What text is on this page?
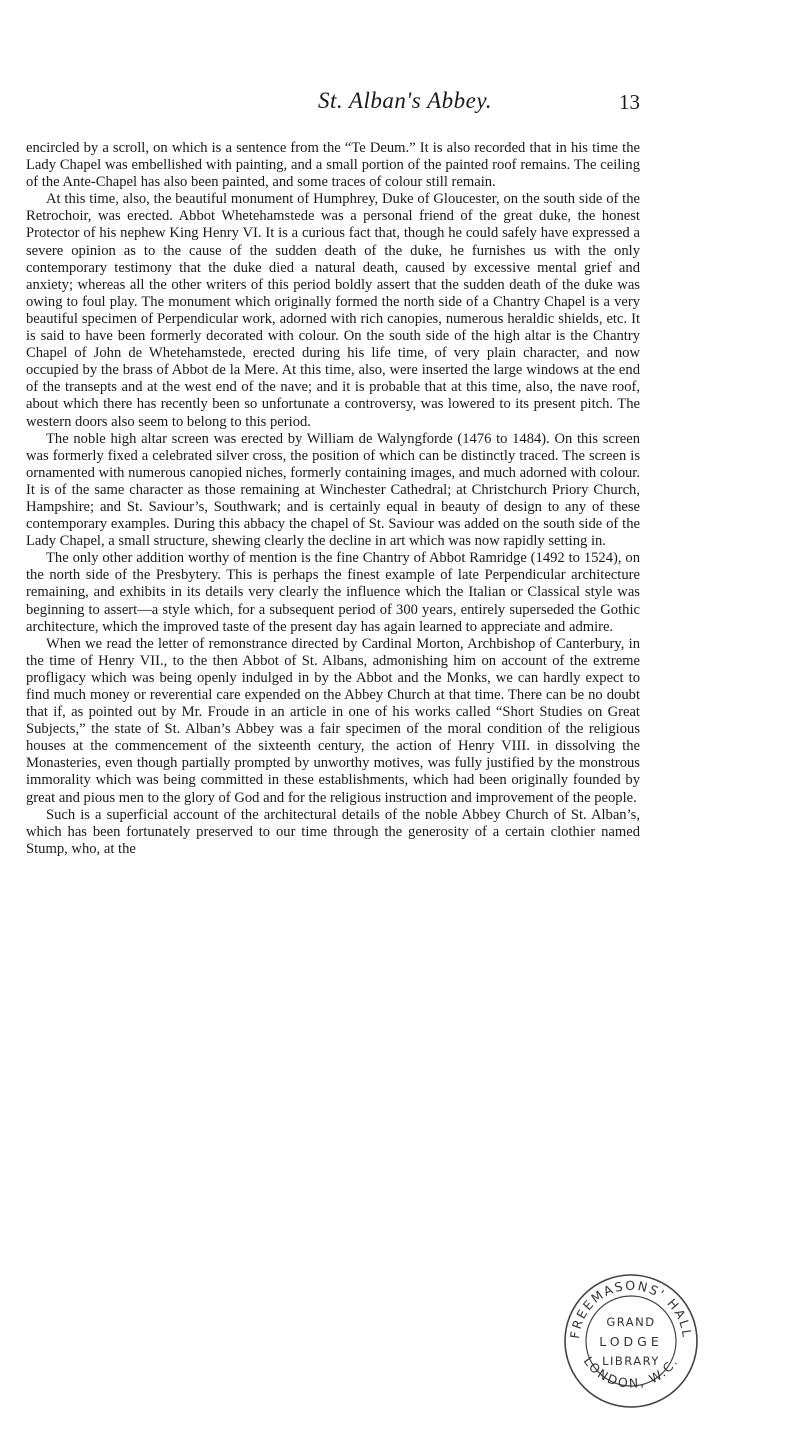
St. Alban's Abbey.	13

encircled by a scroll, on which is a sentence from the “Te Deum.” It is also recorded that in his time the Lady Chapel was embellished with painting, and a small portion of the painted roof remains. The ceiling of the Ante-Chapel has also been painted, and some traces of colour still remain.

At this time, also, the beautiful monument of Humphrey, Duke of Gloucester, on the south side of the Retrochoir, was erected. Abbot Whetehamstede was a personal friend of the great duke, the honest Protector of his nephew King Henry VI. It is a curious fact that, though he could safely have expressed a severe opinion as to the cause of the sudden death of the duke, he furnishes us with the only contemporary testimony that the duke died a natural death, caused by excessive mental grief and anxiety; whereas all the other writers of this period boldly assert that the sudden death of the duke was owing to foul play. The monument which originally formed the north side of a Chantry Chapel is a very beautiful specimen of Perpendicular work, adorned with rich canopies, numerous heraldic shields, etc. It is said to have been formerly decorated with colour. On the south side of the high altar is the Chantry Chapel of John de Whetehamstede, erected during his life time, of very plain character, and now occupied by the brass of Abbot de la Mere. At this time, also, were inserted the large windows at the end of the transepts and at the west end of the nave; and it is probable that at this time, also, the nave roof, about which there has recently been so unfortunate a controversy, was lowered to its present pitch. The western doors also seem to belong to this period.

The noble high altar screen was erected by William de Walyngforde (1476 to 1484). On this screen was formerly fixed a celebrated silver cross, the position of which can be distinctly traced. The screen is ornamented with numerous canopied niches, formerly containing images, and much adorned with colour. It is of the same character as those remaining at Winchester Cathedral; at Christchurch Priory Church, Hampshire; and St. Saviour’s, Southwark; and is certainly equal in beauty of design to any of these contemporary examples. During this abbacy the chapel of St. Saviour was added on the south side of the Lady Chapel, a small structure, shewing clearly the decline in art which was now rapidly setting in.

The only other addition worthy of mention is the fine Chantry of Abbot Ramridge (1492 to 1524), on the north side of the Presbytery. This is perhaps the finest example of late Perpendicular architecture remaining, and exhibits in its details very clearly the influence which the Italian or Classical style was beginning to assert—a style which, for a subsequent period of 300 years, entirely superseded the Gothic architecture, which the improved taste of the present day has again learned to appreciate and admire.

When we read the letter of remonstrance directed by Cardinal Morton, Archbishop of Canterbury, in the time of Henry VII., to the then Abbot of St. Albans, admonishing him on account of the extreme profligacy which was being openly indulged in by the Abbot and the Monks, we can hardly expect to find much money or reverential care expended on the Abbey Church at that time. There can be no doubt that if, as pointed out by Mr. Froude in an article in one of his works called “Short Studies on Great Subjects,” the state of St. Alban’s Abbey was a fair specimen of the moral condition of the religious houses at the commencement of the sixteenth century, the action of Henry VIII. in dissolving the Monasteries, even though partially prompted by unworthy motives, was fully justified by the monstrous immorality which was being committed in these establishments, which had been originally founded by great and pious men to the glory of God and for the religious instruction and improvement of the people.

Such is a superficial account of the architectural details of the noble Abbey Church of St. Alban’s, which has been fortunately preserved to our time through the generosity of a certain clothier named Stump, who, at the

FREEMASONS' HALL
LONDON, W.C.
GRAND
LODGE
LIBRARY
